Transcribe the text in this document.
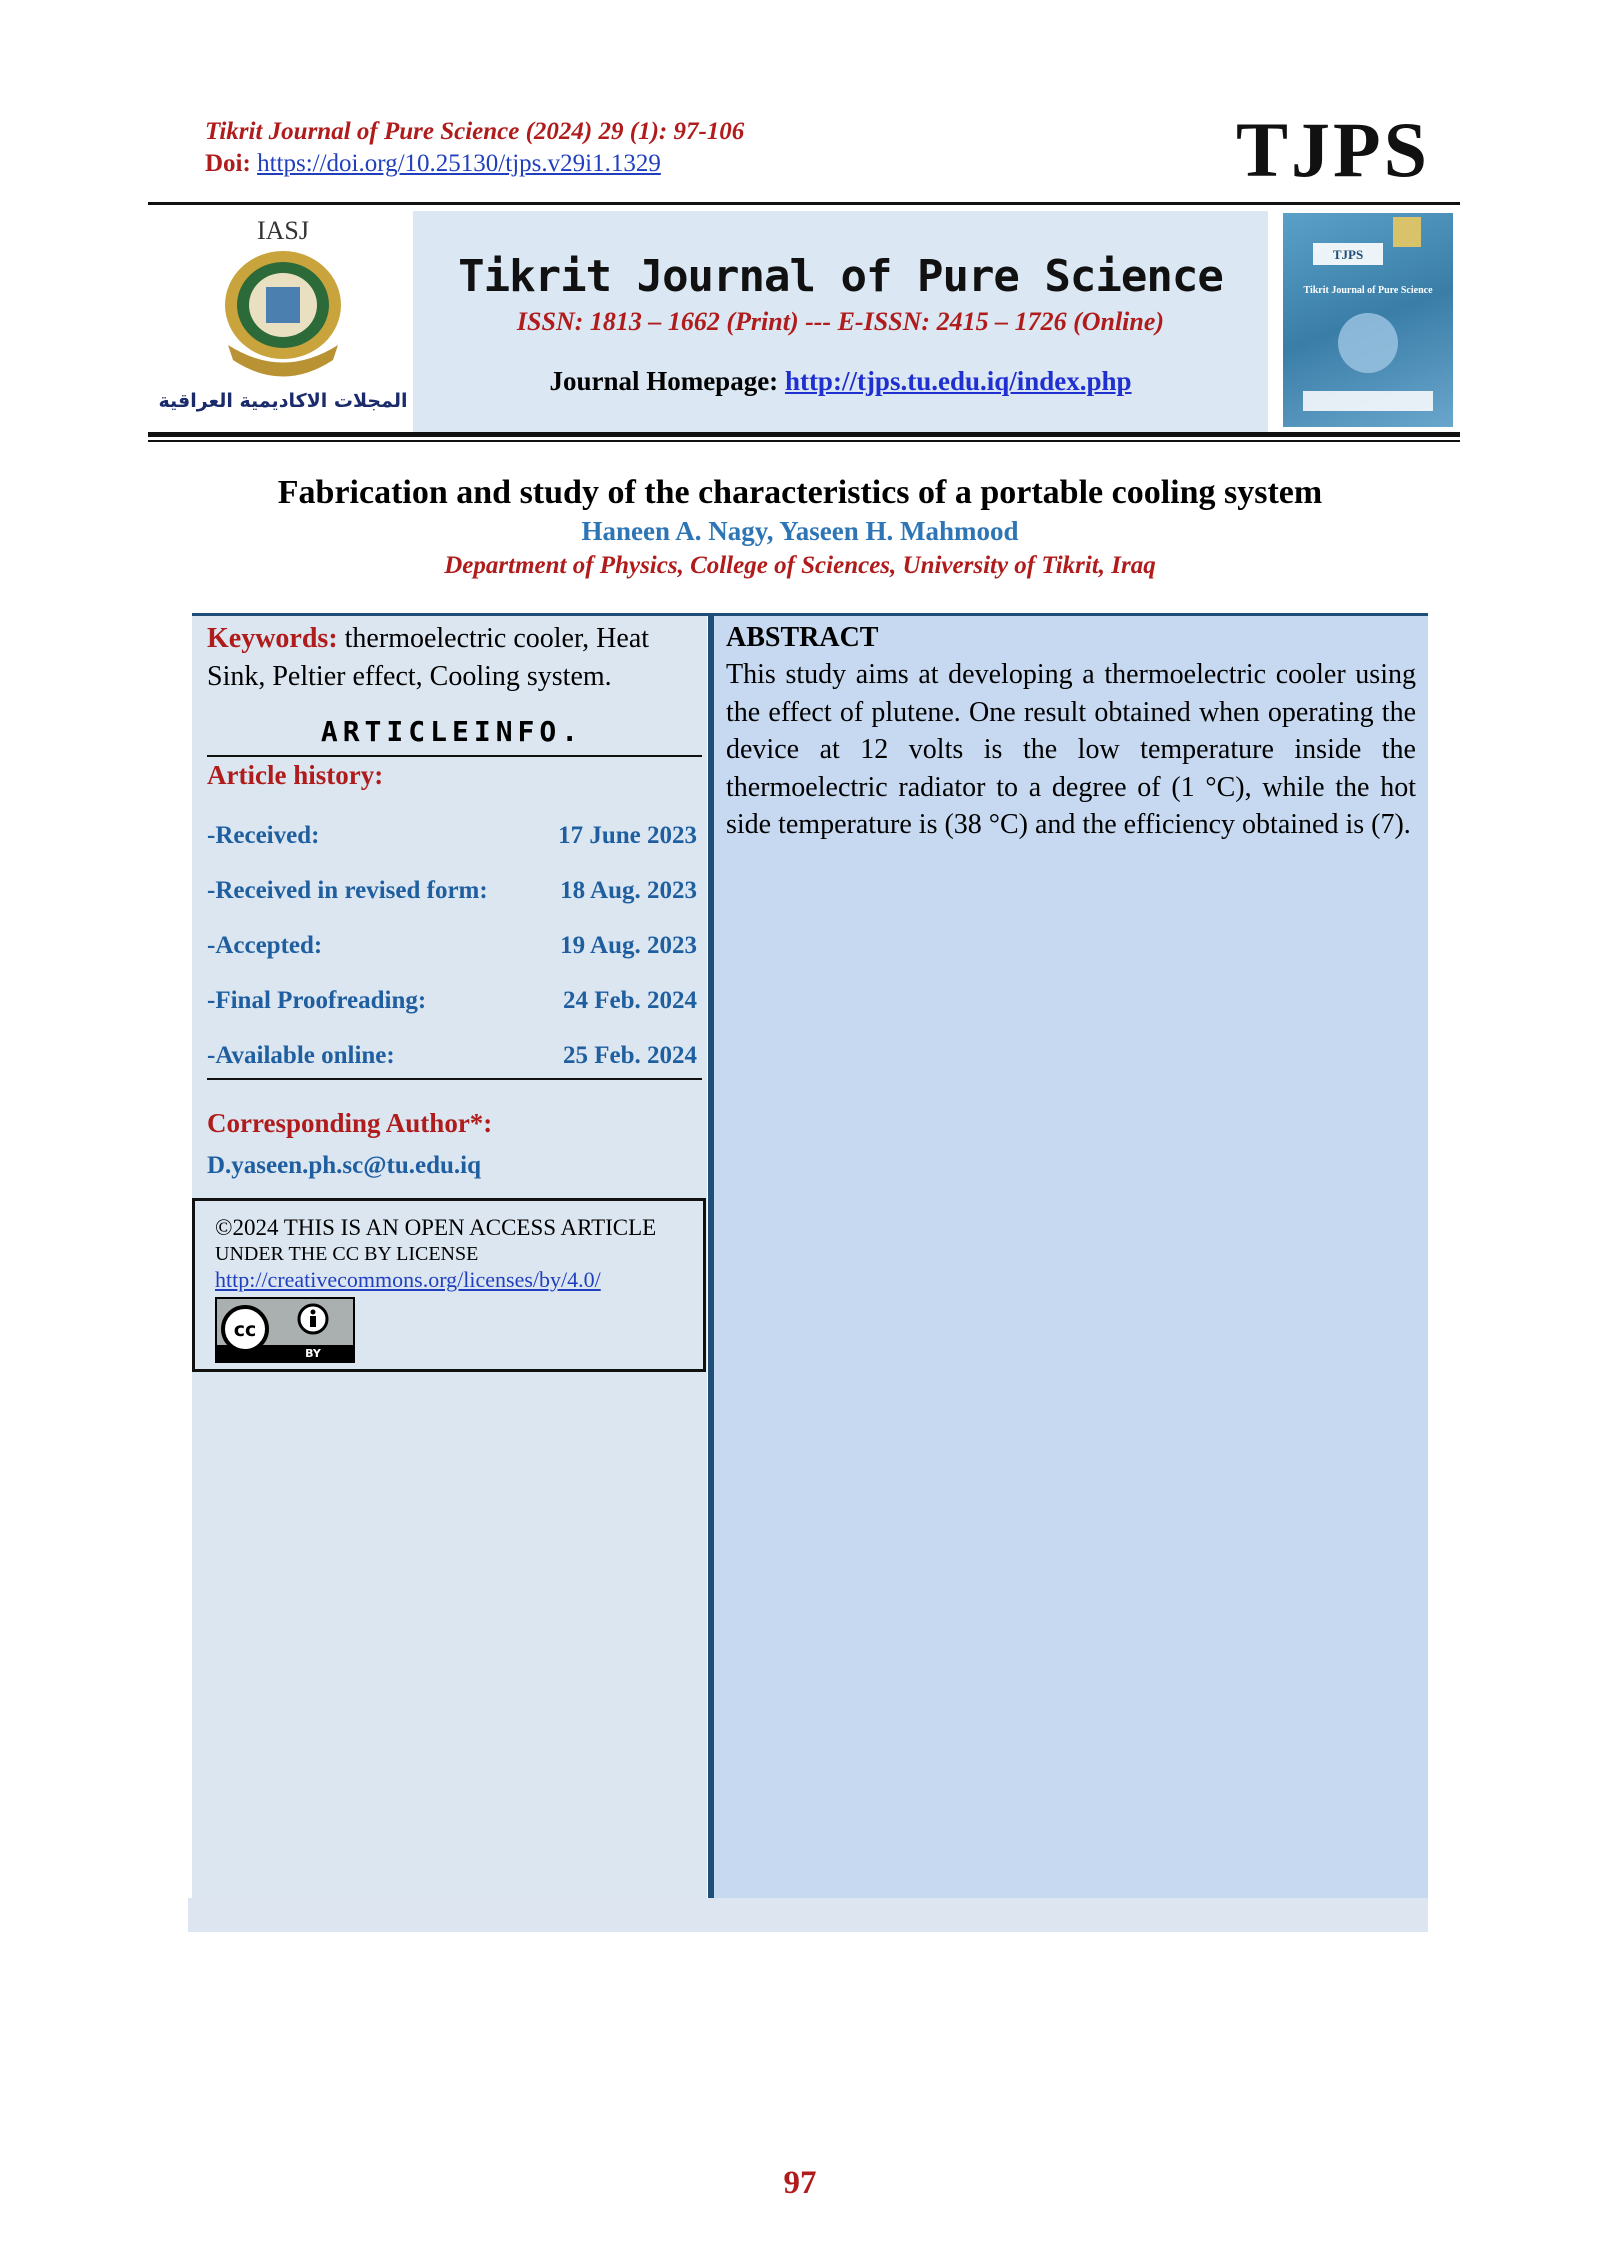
Tikrit Journal of Pure Science (2024) 29 (1): 97-106
Doi: https://doi.org/10.25130/tjps.v29i1.1329	TJPS
IASJ
المجلات الاكاديمية العراقية
Tikrit Journal of Pure Science
ISSN: 1813 – 1662 (Print) --- E-ISSN: 2415 – 1726 (Online)
Journal Homepage: http://tjps.tu.edu.iq/index.php
TJPS
Tikrit Journal of Pure Science
Fabrication and study of the characteristics of a portable cooling system
Haneen A. Nagy, Yaseen H. Mahmood
Department of Physics, College of Sciences, University of Tikrit, Iraq
Keywords: thermoelectric cooler, Heat Sink, Peltier effect, Cooling system.
ARTICLEINFO.
Article history:
-Received:	17 June 2023
-Received in revised form:	18 Aug. 2023
-Accepted:	19 Aug. 2023
-Final Proofreading:	24 Feb. 2024
-Available online:	25 Feb. 2024
Corresponding Author*:
D.yaseen.ph.sc@tu.edu.iq
©2024 THIS IS AN OPEN ACCESS ARTICLE
UNDER THE CC BY LICENSE
http://creativecommons.org/licenses/by/4.0/
cc
BY
ABSTRACT
This study aims at developing a thermoelectric cooler using the effect of plutene. One result obtained when operating the device at 12 volts is the low temperature inside the thermoelectric radiator to a degree of (1 °C), while the hot side temperature is (38 °C) and the efficiency obtained is (7).
97
